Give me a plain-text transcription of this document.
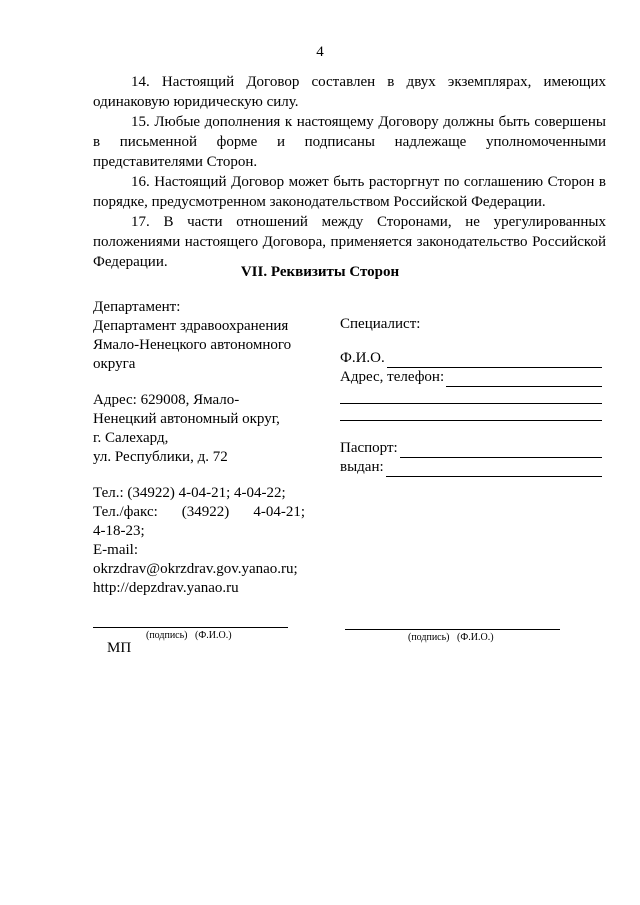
4

14. Настоящий Договор составлен в двух экземплярах, имеющих одинаковую юридическую силу.

15. Любые дополнения к настоящему Договору должны быть совершены в письменной форме и подписаны надлежаще уполномоченными представителями Сторон.

16. Настоящий Договор может быть расторгнут по соглашению Сторон в порядке, предусмотренном законодательством Российской Федерации.

17. В части отношений между Сторонами, не урегулированных положениями настоящего Договора, применяется законодательство Российской Федерации.

VII. Реквизиты Сторон

Департамент:

Департамент здравоохранения

Ямало-Ненецкого автономного

округа

Адрес: 629008, Ямало-

Ненецкий автономный округ,

г. Салехард,

ул. Республики, д. 72

Тел.: (34922) 4-04-21; 4-04-22;

Тел./факс: (34922) 4-04-21;

4-18-23;

E-mail:

okrzdrav@okrzdrav.gov.yanao.ru;

http://depzdrav.yanao.ru

Специалист:

Ф.И.О.
Адрес, телефон:
Паспорт:
выдан:
(подпись)   (Ф.И.О.)
МП
(подпись)   (Ф.И.О.)
